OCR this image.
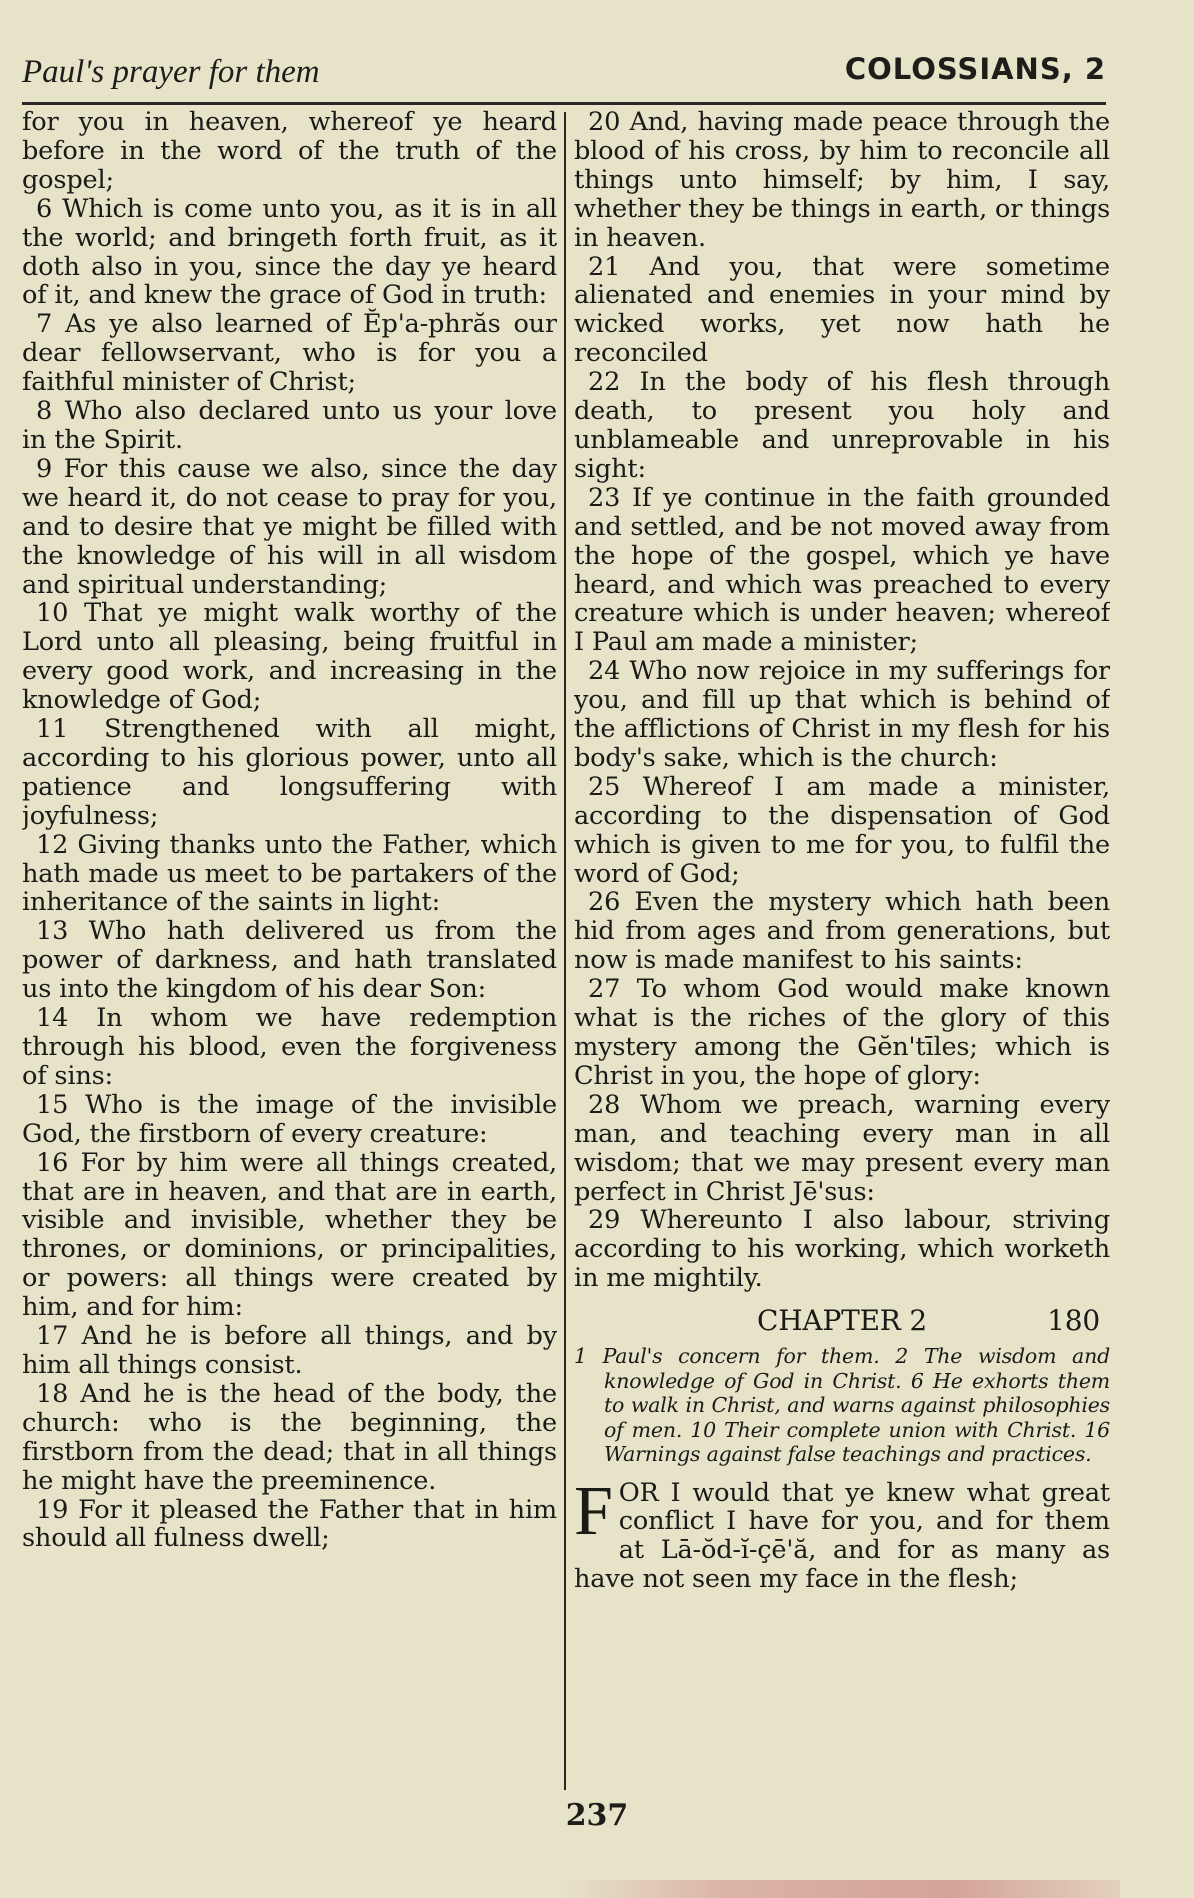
Paul's prayer for them	COLOSSIANS, 2

for you in heaven, whereof ye heard before in the word of the truth of the gospel;

6 Which is come unto you, as it is in all the world; and bringeth forth fruit, as it doth also in you, since the day ye heard of it, and knew the grace of God in truth:

7 As ye also learned of Ĕp'a-phrăs our dear fellowservant, who is for you a faithful minister of Christ;

8 Who also declared unto us your love in the Spirit.

9 For this cause we also, since the day we heard it, do not cease to pray for you, and to desire that ye might be filled with the knowledge of his will in all wisdom and spiritual understanding;

10 That ye might walk worthy of the Lord unto all pleasing, being fruitful in every good work, and increasing in the knowledge of God;

11 Strengthened with all might, according to his glorious power, unto all patience and longsuffering with joyfulness;

12 Giving thanks unto the Father, which hath made us meet to be partakers of the inheritance of the saints in light:

13 Who hath delivered us from the power of darkness, and hath translated us into the kingdom of his dear Son:

14 In whom we have redemption through his blood, even the forgiveness of sins:

15 Who is the image of the invisible God, the firstborn of every creature:

16 For by him were all things created, that are in heaven, and that are in earth, visible and invisible, whether they be thrones, or dominions, or principalities, or powers: all things were created by him, and for him:

17 And he is before all things, and by him all things consist.

18 And he is the head of the body, the church: who is the beginning, the firstborn from the dead; that in all things he might have the preeminence.

19 For it pleased the Father that in him should all fulness dwell;

20 And, having made peace through the blood of his cross, by him to reconcile all things unto himself; by him, I say, whether they be things in earth, or things in heaven.

21 And you, that were sometime alienated and enemies in your mind by wicked works, yet now hath he reconciled

22 In the body of his flesh through death, to present you holy and unblameable and unreprovable in his sight:

23 If ye continue in the faith grounded and settled, and be not moved away from the hope of the gospel, which ye have heard, and which was preached to every creature which is under heaven; whereof I Paul am made a minister;

24 Who now rejoice in my sufferings for you, and fill up that which is behind of the afflictions of Christ in my flesh for his body's sake, which is the church:

25 Whereof I am made a minister, according to the dispensation of God which is given to me for you, to fulfil the word of God;

26 Even the mystery which hath been hid from ages and from generations, but now is made manifest to his saints:

27 To whom God would make known what is the riches of the glory of this mystery among the Gĕn'tīles; which is Christ in you, the hope of glory:

28 Whom we preach, warning every man, and teaching every man in all wisdom; that we may present every man perfect in Christ Jē'sus:

29 Whereunto I also labour, striving according to his working, which worketh in me mightily.

CHAPTER 2	180

1 Paul's concern for them. 2 The wisdom and knowledge of God in Christ. 6 He exhorts them to walk in Christ, and warns against philosophies of men. 10 Their complete union with Christ. 16 Warnings against false teachings and practices.

FOR I would that ye knew what great conflict I have for you, and for them at Lā-ŏd-ĭ-çē'ă, and for as many as have not seen my face in the flesh;

237
